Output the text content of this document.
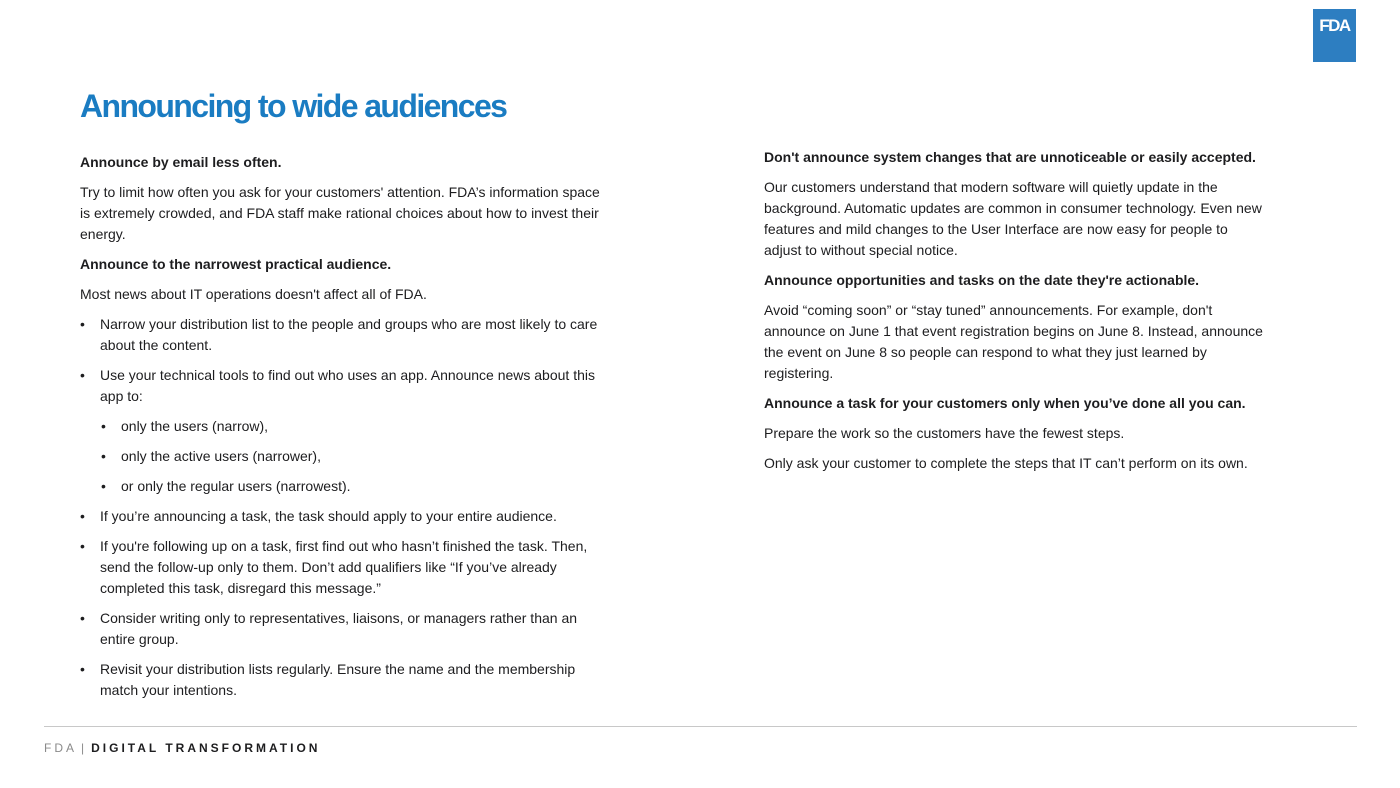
FDA
Announcing to wide audiences

Announce by email less often.

Try to limit how often you ask for your customers' attention. FDA’s information space is extremely crowded, and FDA staff make rational choices about how to invest their energy.

Announce to the narrowest practical audience.

Most news about IT operations doesn't affect all of FDA.

• Narrow your distribution list to the people and groups who are most likely to care about the content.
• Use your technical tools to find out who uses an app. Announce news about this app to:
• only the users (narrow),
• only the active users (narrower),
• or only the regular users (narrowest).
• If you’re announcing a task, the task should apply to your entire audience.
• If you're following up on a task, first find out who hasn’t finished the task. Then, send the follow-up only to them. Don’t add qualifiers like “If you’ve already completed this task, disregard this message.”
• Consider writing only to representatives, liaisons, or managers rather than an entire group.
• Revisit your distribution lists regularly. Ensure the name and the membership match your intentions.

Don't announce system changes that are unnoticeable or easily accepted.

Our customers understand that modern software will quietly update in the background. Automatic updates are common in consumer technology. Even new features and mild changes to the User Interface are now easy for people to adjust to without special notice.

Announce opportunities and tasks on the date they're actionable.

Avoid “coming soon” or “stay tuned” announcements. For example, don't announce on June 1 that event registration begins on June 8. Instead, announce the event on June 8 so people can respond to what they just learned by registering.

Announce a task for your customers only when you’ve done all you can.

Prepare the work so the customers have the fewest steps.

Only ask your customer to complete the steps that IT can’t perform on its own.

FDA | DIGITAL TRANSFORMATION
